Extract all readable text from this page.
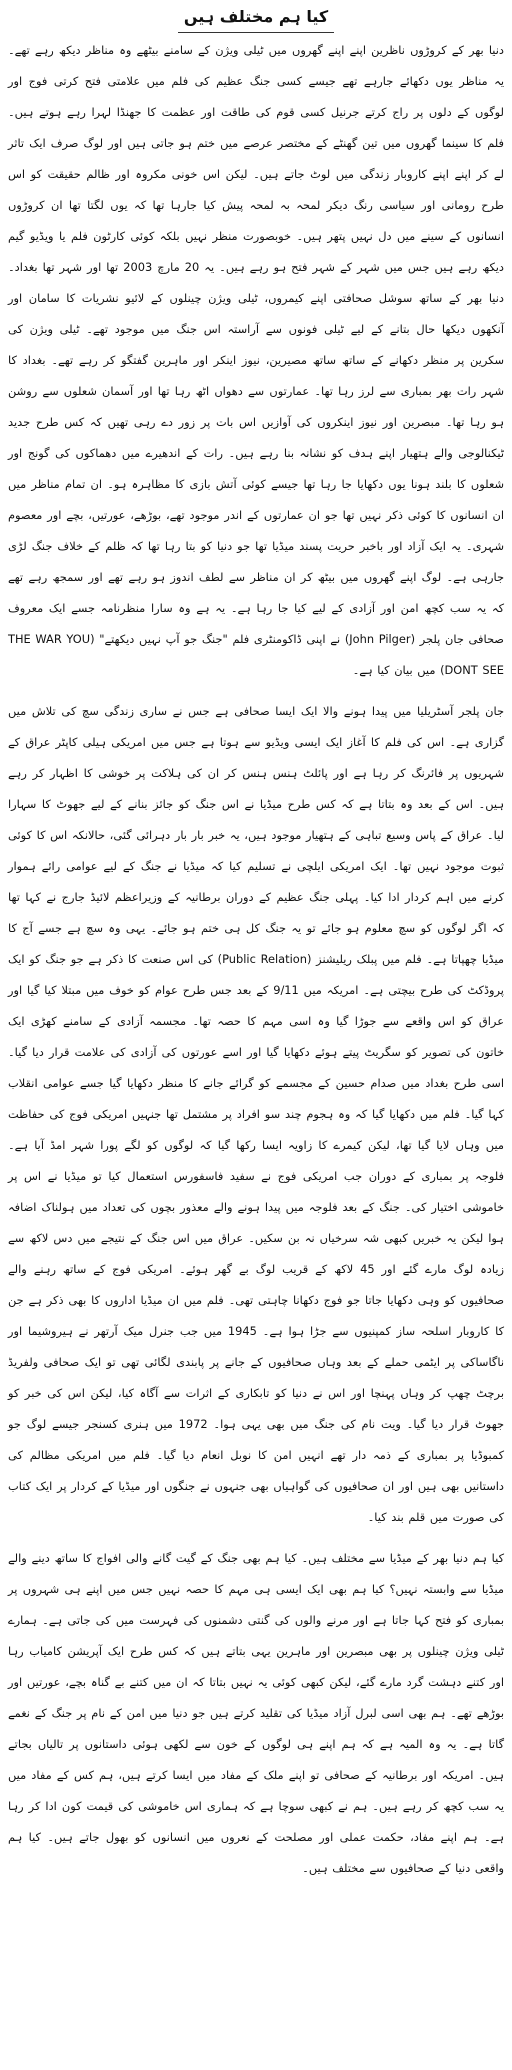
کیا ہم مختلف ہیں

دنیا بھر کے کروڑوں ناظرین اپنے اپنے گھروں میں ٹیلی ویژن کے سامنے بیٹھے وہ مناظر دیکھ رہے تھے۔ یہ مناظر یوں دکھائے جارہے تھے جیسے کسی جنگ عظیم کی فلم میں علامتی فتح کرتی فوج اور لوگوں کے دلوں پر راج کرتے جرنیل کسی قوم کی طاقت اور عظمت کا جھنڈا لہرا رہے ہوتے ہیں۔ فلم کا سینما گھروں میں تین گھنٹے کے مختصر عرصے میں ختم ہو جاتی ہیں اور لوگ صرف ایک تاثر لے کر اپنے اپنے کاروبار زندگی میں لوٹ جاتے ہیں۔ لیکن اس خونی مکروہ اور ظالم حقیقت کو اس طرح رومانی اور سیاسی رنگ دیکر لمحہ بہ لمحہ پیش کیا جارہا تھا کہ یوں لگتا تھا ان کروڑوں انسانوں کے سینے میں دل نہیں پتھر ہیں۔ خوبصورت منظر نہیں بلکہ کوئی کارٹون فلم یا ویڈیو گیم دیکھ رہے ہیں جس میں شہر کے شہر فتح ہو رہے ہیں۔ یہ 20 مارچ 2003 تھا اور شہر تھا بغداد۔ دنیا بھر کے ساتھ سوشل صحافتی اپنے کیمروں، ٹیلی ویژن چینلوں کے لائیو نشریات کا سامان اور آنکھوں دیکھا حال بتانے کے لیے ٹیلی فونوں سے آراستہ اس جنگ میں موجود تھے۔ ٹیلی ویژن کی سکرین پر منظر دکھانے کے ساتھ ساتھ مصیرین، نیوز اینکر اور ماہرین گفتگو کر رہے تھے۔ بغداد کا شہر رات بھر بمباری سے لرز رہا تھا۔ عمارتوں سے دھواں اٹھ رہا تھا اور آسمان شعلوں سے روشن ہو رہا تھا۔ مبصرین اور نیوز اینکروں کی آوازیں اس بات پر زور دے رہی تھیں کہ کس طرح جدید ٹیکنالوجی والے ہتھیار اپنے ہدف کو نشانہ بنا رہے ہیں۔ رات کے اندھیرے میں دھماکوں کی گونج اور شعلوں کا بلند ہونا یوں دکھایا جا رہا تھا جیسے کوئی آتش بازی کا مظاہرہ ہو۔ ان تمام مناظر میں ان انسانوں کا کوئی ذکر نہیں تھا جو ان عمارتوں کے اندر موجود تھے، بوڑھے، عورتیں، بچے اور معصوم شہری۔ یہ ایک آزاد اور باخبر حریت پسند میڈیا تھا جو دنیا کو بتا رہا تھا کہ ظلم کے خلاف جنگ لڑی جارہی ہے۔ لوگ اپنے گھروں میں بیٹھ کر ان مناظر سے لطف اندوز ہو رہے تھے اور سمجھ رہے تھے کہ یہ سب کچھ امن اور آزادی کے لیے کیا جا رہا ہے۔ یہ ہے وہ سارا منظرنامہ جسے ایک معروف صحافی جان پلجر (John Pilger) نے اپنی ڈاکومنٹری فلم "جنگ جو آپ نہیں دیکھتے" (THE WAR YOU DONT SEE) میں بیان کیا ہے۔

جان پلجر آسٹریلیا میں پیدا ہونے والا ایک ایسا صحافی ہے جس نے ساری زندگی سچ کی تلاش میں گزاری ہے۔ اس کی فلم کا آغاز ایک ایسی ویڈیو سے ہوتا ہے جس میں امریکی ہیلی کاپٹر عراق کے شہریوں پر فائرنگ کر رہا ہے اور پائلٹ ہنس ہنس کر ان کی ہلاکت پر خوشی کا اظہار کر رہے ہیں۔ اس کے بعد وہ بتاتا ہے کہ کس طرح میڈیا نے اس جنگ کو جائز بنانے کے لیے جھوٹ کا سہارا لیا۔ عراق کے پاس وسیع تباہی کے ہتھیار موجود ہیں، یہ خبر بار بار دہرائی گئی، حالانکہ اس کا کوئی ثبوت موجود نہیں تھا۔ ایک امریکی ایلچی نے تسلیم کیا کہ میڈیا نے جنگ کے لیے عوامی رائے ہموار کرنے میں اہم کردار ادا کیا۔ پہلی جنگ عظیم کے دوران برطانیہ کے وزیراعظم لائیڈ جارج نے کہا تھا کہ اگر لوگوں کو سچ معلوم ہو جائے تو یہ جنگ کل ہی ختم ہو جائے۔ یہی وہ سچ ہے جسے آج کا میڈیا چھپاتا ہے۔ فلم میں پبلک ریلیشنز (Public Relation) کی اس صنعت کا ذکر ہے جو جنگ کو ایک پروڈکٹ کی طرح بیچتی ہے۔ امریکہ میں 9/11 کے بعد جس طرح عوام کو خوف میں مبتلا کیا گیا اور عراق کو اس واقعے سے جوڑا گیا وہ اسی مہم کا حصہ تھا۔ مجسمہ آزادی کے سامنے کھڑی ایک خاتون کی تصویر کو سگریٹ پیتے ہوئے دکھایا گیا اور اسے عورتوں کی آزادی کی علامت قرار دیا گیا۔ اسی طرح بغداد میں صدام حسین کے مجسمے کو گرائے جانے کا منظر دکھایا گیا جسے عوامی انقلاب کہا گیا۔ فلم میں دکھایا گیا کہ وہ ہجوم چند سو افراد پر مشتمل تھا جنہیں امریکی فوج کی حفاظت میں وہاں لایا گیا تھا، لیکن کیمرے کا زاویہ ایسا رکھا گیا کہ لوگوں کو لگے پورا شہر امڈ آیا ہے۔ فلوجہ پر بمباری کے دوران جب امریکی فوج نے سفید فاسفورس استعمال کیا تو میڈیا نے اس پر خاموشی اختیار کی۔ جنگ کے بعد فلوجہ میں پیدا ہونے والے معذور بچوں کی تعداد میں ہولناک اضافہ ہوا لیکن یہ خبریں کبھی شہ سرخیاں نہ بن سکیں۔ عراق میں اس جنگ کے نتیجے میں دس لاکھ سے زیادہ لوگ مارے گئے اور 45 لاکھ کے قریب لوگ بے گھر ہوئے۔ امریکی فوج کے ساتھ رہنے والے صحافیوں کو وہی دکھایا جاتا جو فوج دکھانا چاہتی تھی۔ فلم میں ان میڈیا اداروں کا بھی ذکر ہے جن کا کاروبار اسلحہ ساز کمپنیوں سے جڑا ہوا ہے۔ 1945 میں جب جنرل میک آرتھر نے ہیروشیما اور ناگاساکی پر ایٹمی حملے کے بعد وہاں صحافیوں کے جانے پر پابندی لگائی تھی تو ایک صحافی ولفریڈ برچٹ چھپ کر وہاں پہنچا اور اس نے دنیا کو تابکاری کے اثرات سے آگاہ کیا، لیکن اس کی خبر کو جھوٹ قرار دیا گیا۔ ویت نام کی جنگ میں بھی یہی ہوا۔ 1972 میں ہنری کسنجر جیسے لوگ جو کمبوڈیا پر بمباری کے ذمہ دار تھے انہیں امن کا نوبل انعام دیا گیا۔ فلم میں امریکی مظالم کی داستانیں بھی ہیں اور ان صحافیوں کی گواہیاں بھی جنہوں نے جنگوں اور میڈیا کے کردار پر ایک کتاب کی صورت میں قلم بند کیا۔

کیا ہم دنیا بھر کے میڈیا سے مختلف ہیں۔ کیا ہم بھی جنگ کے گیت گانے والی افواج کا ساتھ دینے والے میڈیا سے وابستہ نہیں؟ کیا ہم بھی ایک ایسی ہی مہم کا حصہ نہیں جس میں اپنے ہی شہروں پر بمباری کو فتح کہا جاتا ہے اور مرنے والوں کی گنتی دشمنوں کی فہرست میں کی جاتی ہے۔ ہمارے ٹیلی ویژن چینلوں پر بھی مبصرین اور ماہرین یہی بتاتے ہیں کہ کس طرح ایک آپریشن کامیاب رہا اور کتنے دہشت گرد مارے گئے، لیکن کبھی کوئی یہ نہیں بتاتا کہ ان میں کتنے بے گناہ بچے، عورتیں اور بوڑھے تھے۔ ہم بھی اسی لبرل آزاد میڈیا کی تقلید کرتے ہیں جو دنیا میں امن کے نام پر جنگ کے نغمے گاتا ہے۔ یہ وہ المیہ ہے کہ ہم اپنے ہی لوگوں کے خون سے لکھی ہوئی داستانوں پر تالیاں بجاتے ہیں۔ امریکہ اور برطانیہ کے صحافی تو اپنے ملک کے مفاد میں ایسا کرتے ہیں، ہم کس کے مفاد میں یہ سب کچھ کر رہے ہیں۔ ہم نے کبھی سوچا ہے کہ ہماری اس خاموشی کی قیمت کون ادا کر رہا ہے۔ ہم اپنے مفاد، حکمت عملی اور مصلحت کے نعروں میں انسانوں کو بھول جاتے ہیں۔ کیا ہم واقعی دنیا کے صحافیوں سے مختلف ہیں۔
